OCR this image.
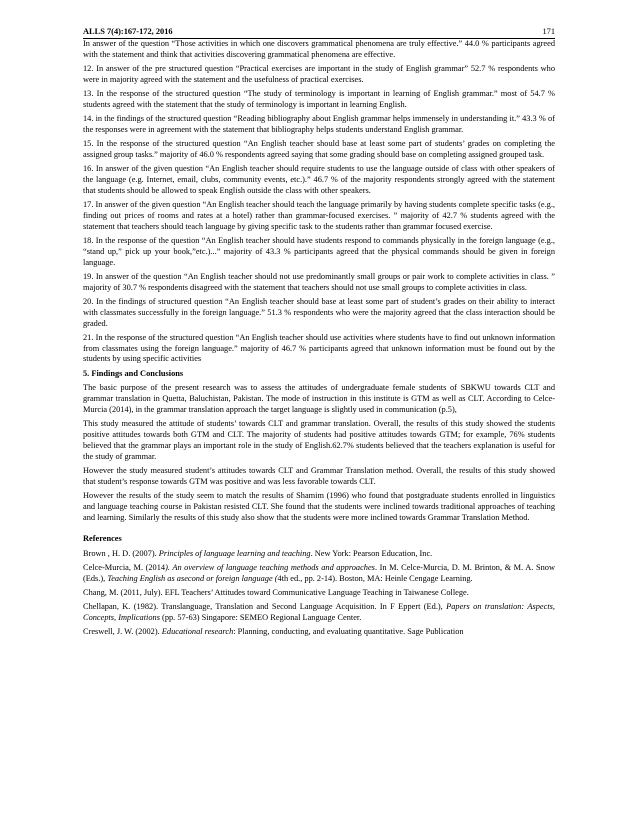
ALLS 7(4):167-172, 2016	171

In answer of the question “Those activities in which one discovers grammatical phenomena are truly effective.” 44.0 % participants agreed with the statement and think that activities discovering grammatical phenomena are effective.

12. In answer of the pre structured question “Practical exercises are important in the study of English grammar” 52.7 % respondents who were in majority agreed with the statement and the usefulness of practical exercises.

13. In the response of the structured question “The study of terminology is important in learning of English grammar.” most of 54.7 % students agreed with the statement that the study of terminology is important in learning English.

14. in the findings of the structured question “Reading bibliography about English grammar helps immensely in understanding it.” 43.3 % of the responses were in agreement with the statement that bibliography helps students understand English grammar.

15. In the response of the structured question “An English teacher should base at least some part of students’ grades on completing the assigned group tasks.” majority of 46.0 % respondents agreed saying that some grading should base on completing assigned grouped task.

16. In answer of the given question “An English teacher should require students to use the language outside of class with other speakers of the language (e.g. Internet, email, clubs, community events, etc.).” 46.7 % of the majority respondents strongly agreed with the statement that students should be allowed to speak English outside the class with other speakers.

17. In answer of the given question “An English teacher should teach the language primarily by having students complete specific tasks (e.g., finding out prices of rooms and rates at a hotel) rather than grammar-focused exercises. ” majority of 42.7 % students agreed with the statement that teachers should teach language by giving specific task to the students rather than grammar focused exercise.

18. In the response of the question “An English teacher should have students respond to commands physically in the foreign language (e.g., “stand up,” pick up your book,”etc.)...” majority of 43.3 % participants agreed that the physical commands should be given in foreign language.

19. In answer of the question “An English teacher should not use predominantly small groups or pair work to complete activities in class. ” majority of 30.7 % respondents disagreed with the statement that teachers should not use small groups to complete activities in class.

20. In the findings of structured question “An English teacher should base at least some part of student’s grades on their ability to interact with classmates successfully in the foreign language.” 51.3 % respondents who were the majority agreed that the class interaction should be graded.

21. In the response of the structured question “An English teacher should use activities where students have to find out unknown information from classmates using the foreign language.” majority of 46.7 % participants agreed that unknown information must be found out by the students by using specific activities

5. Findings and Conclusions

The basic purpose of the present research was to assess the attitudes of undergraduate female students of SBKWU towards CLT and grammar translation in Quetta, Baluchistan, Pakistan. The mode of instruction in this institute is GTM as well as CLT. According to Celce-Murcia (2014), in the grammar translation approach the target language is slightly used in communication (p.5),

This study measured the attitude of students’ towards CLT and grammar translation. Overall, the results of this study showed the students positive attitudes towards both GTM and CLT. The majority of students had positive attitudes towards GTM; for example, 76% students believed that the grammar plays an important role in the study of English.62.7% students believed that the teachers explanation is useful for the study of grammar.

However the study measured student’s attitudes towards CLT and Grammar Translation method. Overall, the results of this study showed that student’s response towards GTM was positive and was less favorable towards CLT.

However the results of the study seem to match the results of Shamim (1996) who found that postgraduate students enrolled in linguistics and language teaching course in Pakistan resisted CLT. She found that the students were inclined towards traditional approaches of teaching and learning. Similarly the results of this study also show that the students were more inclined towards Grammar Translation Method.

References

Brown , H. D. (2007). Principles of language learning and teaching. New York: Pearson Education, Inc.

Celce-Murcia, M. (2014). An overview of language teaching methods and approaches. In M. Celce-Murcia, D. M. Brinton, & M. A. Snow (Eds.), Teaching English as asecond or foreign language (4th ed., pp. 2-14). Boston, MA: Heinle Cengage Learning.

Chang, M. (2011, July). EFL Teachers’ Attitudes toward Communicative Language Teaching in Taiwanese College.

Chellapan, K. (1982). Translanguage, Translation and Second Language Acquisition. In F Eppert (Ed.), Papers on translation: Aspects, Concepts, Implications (pp. 57-63) Singapore: SEMEO Regional Language Center.

Creswell, J. W. (2002). Educational research: Planning, conducting, and evaluating quantitative. Sage Publication
